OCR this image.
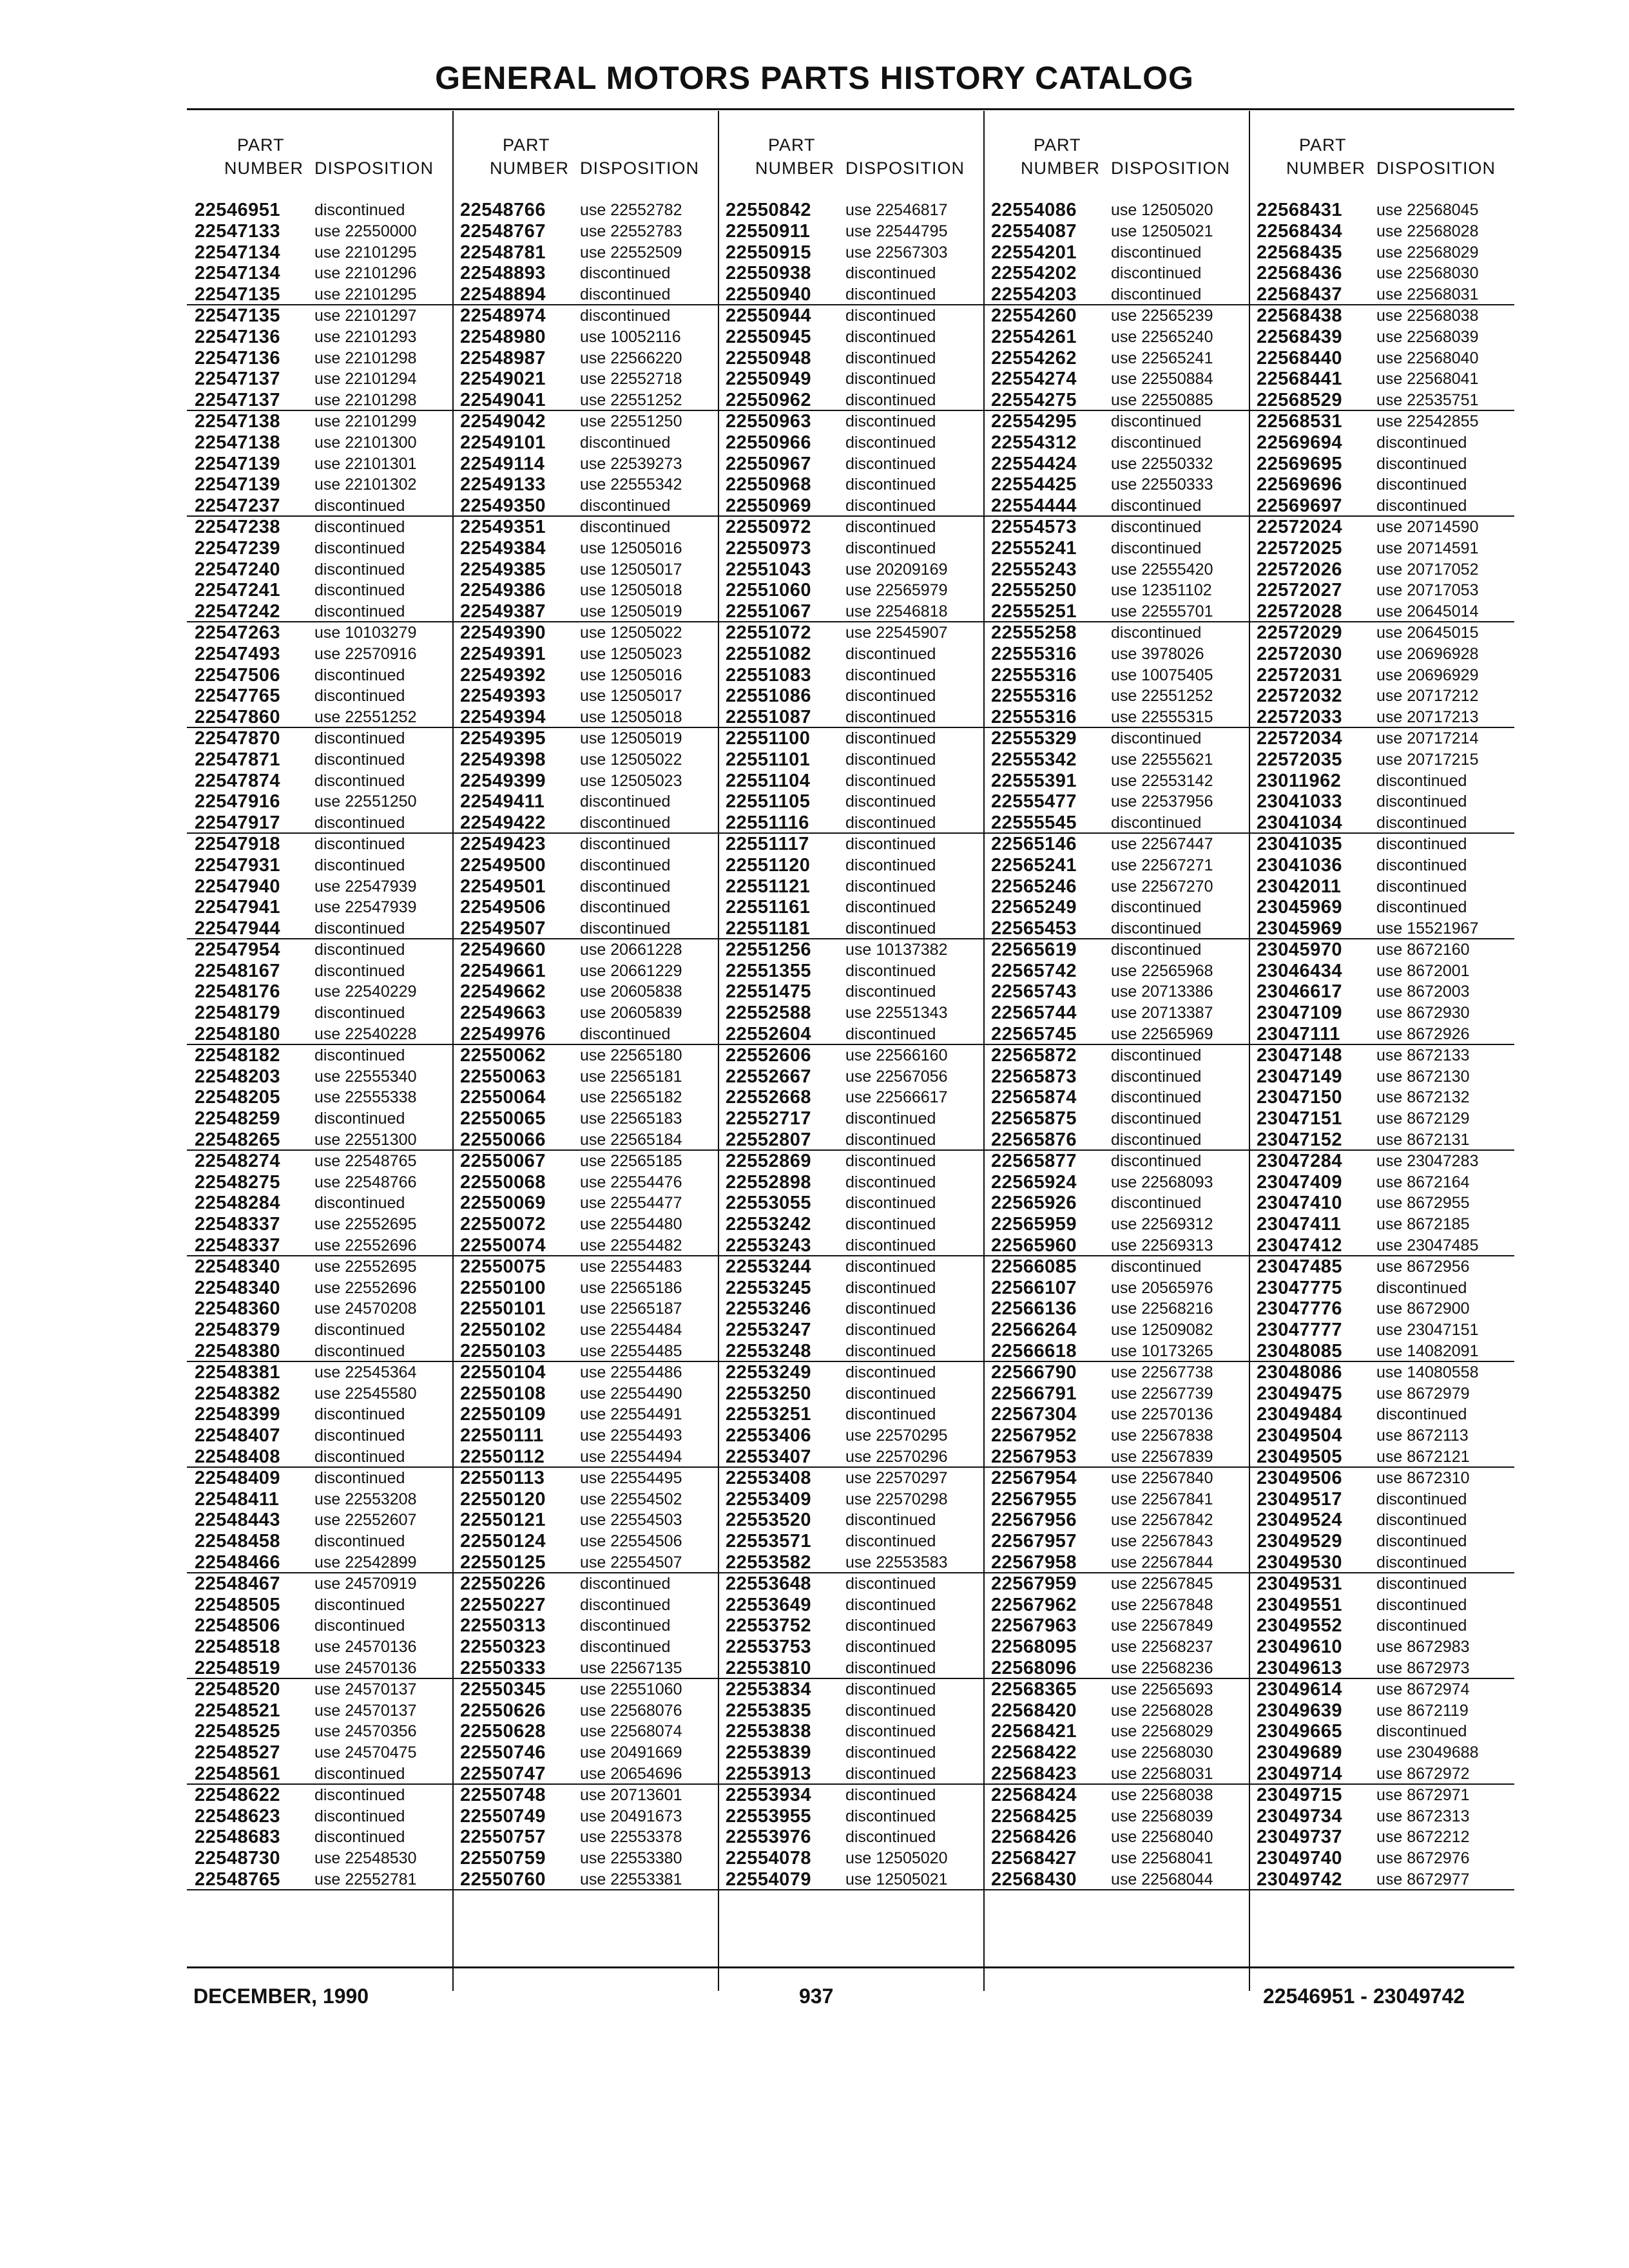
GENERAL MOTORS PARTS HISTORY CATALOG
PART
NUMBER DISPOSITION
22546951 discontinued
22547133 use 22550000
22547134 use 22101295
22547134 use 22101296
22547135 use 22101295
22547135 use 22101297
22547136 use 22101293
22547136 use 22101298
22547137 use 22101294
22547137 use 22101298
22547138 use 22101299
22547138 use 22101300
22547139 use 22101301
22547139 use 22101302
22547237 discontinued
22547238 discontinued
22547239 discontinued
22547240 discontinued
22547241 discontinued
22547242 discontinued
22547263 use 10103279
22547493 use 22570916
22547506 discontinued
22547765 discontinued
22547860 use 22551252
22547870 discontinued
22547871 discontinued
22547874 discontinued
22547916 use 22551250
22547917 discontinued
22547918 discontinued
22547931 discontinued
22547940 use 22547939
22547941 use 22547939
22547944 discontinued
22547954 discontinued
22548167 discontinued
22548176 use 22540229
22548179 discontinued
22548180 use 22540228
22548182 discontinued
22548203 use 22555340
22548205 use 22555338
22548259 discontinued
22548265 use 22551300
22548274 use 22548765
22548275 use 22548766
22548284 discontinued
22548337 use 22552695
22548337 use 22552696
22548340 use 22552695
22548340 use 22552696
22548360 use 24570208
22548379 discontinued
22548380 discontinued
22548381 use 22545364
22548382 use 22545580
22548399 discontinued
22548407 discontinued
22548408 discontinued
22548409 discontinued
22548411 use 22553208
22548443 use 22552607
22548458 discontinued
22548466 use 22542899
22548467 use 24570919
22548505 discontinued
22548506 discontinued
22548518 use 24570136
22548519 use 24570136
22548520 use 24570137
22548521 use 24570137
22548525 use 24570356
22548527 use 24570475
22548561 discontinued
22548622 discontinued
22548623 discontinued
22548683 discontinued
22548730 use 22548530
22548765 use 22552781
PART
NUMBER DISPOSITION
22548766 use 22552782
22548767 use 22552783
22548781 use 22552509
22548893 discontinued
22548894 discontinued
22548974 discontinued
22548980 use 10052116
22548987 use 22566220
22549021 use 22552718
22549041 use 22551252
22549042 use 22551250
22549101 discontinued
22549114 use 22539273
22549133 use 22555342
22549350 discontinued
22549351 discontinued
22549384 use 12505016
22549385 use 12505017
22549386 use 12505018
22549387 use 12505019
22549390 use 12505022
22549391 use 12505023
22549392 use 12505016
22549393 use 12505017
22549394 use 12505018
22549395 use 12505019
22549398 use 12505022
22549399 use 12505023
22549411 discontinued
22549422 discontinued
22549423 discontinued
22549500 discontinued
22549501 discontinued
22549506 discontinued
22549507 discontinued
22549660 use 20661228
22549661 use 20661229
22549662 use 20605838
22549663 use 20605839
22549976 discontinued
22550062 use 22565180
22550063 use 22565181
22550064 use 22565182
22550065 use 22565183
22550066 use 22565184
22550067 use 22565185
22550068 use 22554476
22550069 use 22554477
22550072 use 22554480
22550074 use 22554482
22550075 use 22554483
22550100 use 22565186
22550101 use 22565187
22550102 use 22554484
22550103 use 22554485
22550104 use 22554486
22550108 use 22554490
22550109 use 22554491
22550111 use 22554493
22550112 use 22554494
22550113 use 22554495
22550120 use 22554502
22550121 use 22554503
22550124 use 22554506
22550125 use 22554507
22550226 discontinued
22550227 discontinued
22550313 discontinued
22550323 discontinued
22550333 use 22567135
22550345 use 22551060
22550626 use 22568076
22550628 use 22568074
22550746 use 20491669
22550747 use 20654696
22550748 use 20713601
22550749 use 20491673
22550757 use 22553378
22550759 use 22553380
22550760 use 22553381
PART
NUMBER DISPOSITION
22550842 use 22546817
22550911 use 22544795
22550915 use 22567303
22550938 discontinued
22550940 discontinued
22550944 discontinued
22550945 discontinued
22550948 discontinued
22550949 discontinued
22550962 discontinued
22550963 discontinued
22550966 discontinued
22550967 discontinued
22550968 discontinued
22550969 discontinued
22550972 discontinued
22550973 discontinued
22551043 use 20209169
22551060 use 22565979
22551067 use 22546818
22551072 use 22545907
22551082 discontinued
22551083 discontinued
22551086 discontinued
22551087 discontinued
22551100 discontinued
22551101 discontinued
22551104 discontinued
22551105 discontinued
22551116 discontinued
22551117 discontinued
22551120 discontinued
22551121 discontinued
22551161 discontinued
22551181 discontinued
22551256 use 10137382
22551355 discontinued
22551475 discontinued
22552588 use 22551343
22552604 discontinued
22552606 use 22566160
22552667 use 22567056
22552668 use 22566617
22552717 discontinued
22552807 discontinued
22552869 discontinued
22552898 discontinued
22553055 discontinued
22553242 discontinued
22553243 discontinued
22553244 discontinued
22553245 discontinued
22553246 discontinued
22553247 discontinued
22553248 discontinued
22553249 discontinued
22553250 discontinued
22553251 discontinued
22553406 use 22570295
22553407 use 22570296
22553408 use 22570297
22553409 use 22570298
22553520 discontinued
22553571 discontinued
22553582 use 22553583
22553648 discontinued
22553649 discontinued
22553752 discontinued
22553753 discontinued
22553810 discontinued
22553834 discontinued
22553835 discontinued
22553838 discontinued
22553839 discontinued
22553913 discontinued
22553934 discontinued
22553955 discontinued
22553976 discontinued
22554078 use 12505020
22554079 use 12505021
PART
NUMBER DISPOSITION
22554086 use 12505020
22554087 use 12505021
22554201 discontinued
22554202 discontinued
22554203 discontinued
22554260 use 22565239
22554261 use 22565240
22554262 use 22565241
22554274 use 22550884
22554275 use 22550885
22554295 discontinued
22554312 discontinued
22554424 use 22550332
22554425 use 22550333
22554444 discontinued
22554573 discontinued
22555241 discontinued
22555243 use 22555420
22555250 use 12351102
22555251 use 22555701
22555258 discontinued
22555316 use 3978026
22555316 use 10075405
22555316 use 22551252
22555316 use 22555315
22555329 discontinued
22555342 use 22555621
22555391 use 22553142
22555477 use 22537956
22555545 discontinued
22565146 use 22567447
22565241 use 22567271
22565246 use 22567270
22565249 discontinued
22565453 discontinued
22565619 discontinued
22565742 use 22565968
22565743 use 20713386
22565744 use 20713387
22565745 use 22565969
22565872 discontinued
22565873 discontinued
22565874 discontinued
22565875 discontinued
22565876 discontinued
22565877 discontinued
22565924 use 22568093
22565926 discontinued
22565959 use 22569312
22565960 use 22569313
22566085 discontinued
22566107 use 20565976
22566136 use 22568216
22566264 use 12509082
22566618 use 10173265
22566790 use 22567738
22566791 use 22567739
22567304 use 22570136
22567952 use 22567838
22567953 use 22567839
22567954 use 22567840
22567955 use 22567841
22567956 use 22567842
22567957 use 22567843
22567958 use 22567844
22567959 use 22567845
22567962 use 22567848
22567963 use 22567849
22568095 use 22568237
22568096 use 22568236
22568365 use 22565693
22568420 use 22568028
22568421 use 22568029
22568422 use 22568030
22568423 use 22568031
22568424 use 22568038
22568425 use 22568039
22568426 use 22568040
22568427 use 22568041
22568430 use 22568044
PART
NUMBER DISPOSITION
22568431 use 22568045
22568434 use 22568028
22568435 use 22568029
22568436 use 22568030
22568437 use 22568031
22568438 use 22568038
22568439 use 22568039
22568440 use 22568040
22568441 use 22568041
22568529 use 22535751
22568531 use 22542855
22569694 discontinued
22569695 discontinued
22569696 discontinued
22569697 discontinued
22572024 use 20714590
22572025 use 20714591
22572026 use 20717052
22572027 use 20717053
22572028 use 20645014
22572029 use 20645015
22572030 use 20696928
22572031 use 20696929
22572032 use 20717212
22572033 use 20717213
22572034 use 20717214
22572035 use 20717215
23011962 discontinued
23041033 discontinued
23041034 discontinued
23041035 discontinued
23041036 discontinued
23042011 discontinued
23045969 discontinued
23045969 use 15521967
23045970 use 8672160
23046434 use 8672001
23046617 use 8672003
23047109 use 8672930
23047111 use 8672926
23047148 use 8672133
23047149 use 8672130
23047150 use 8672132
23047151 use 8672129
23047152 use 8672131
23047284 use 23047283
23047409 use 8672164
23047410 use 8672955
23047411 use 8672185
23047412 use 23047485
23047485 use 8672956
23047775 discontinued
23047776 use 8672900
23047777 use 23047151
23048085 use 14082091
23048086 use 14080558
23049475 use 8672979
23049484 discontinued
23049504 use 8672113
23049505 use 8672121
23049506 use 8672310
23049517 discontinued
23049524 discontinued
23049529 discontinued
23049530 discontinued
23049531 discontinued
23049551 discontinued
23049552 discontinued
23049610 use 8672983
23049613 use 8672973
23049614 use 8672974
23049639 use 8672119
23049665 discontinued
23049689 use 23049688
23049714 use 8672972
23049715 use 8672971
23049734 use 8672313
23049737 use 8672212
23049740 use 8672976
23049742 use 8672977
DECEMBER, 1990	937	22546951 - 23049742
